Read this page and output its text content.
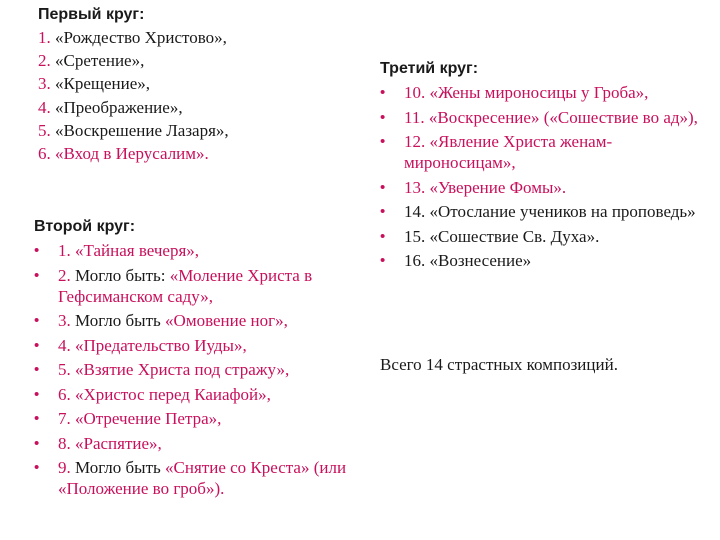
Первый круг:

1. «Рождество Христово»,

2. «Сретение»,

3. «Крещение»,

4. «Преображение»,

5. «Воскрешение Лазаря»,

6. «Вход в Иерусалим».

Второй круг:

• 1. «Тайная вечеря»,
• 2. Могло быть: «Моление Христа в Гефсиманском саду»,
• 3. Могло быть «Омовение ног»,
• 4. «Предательство Иуды»,
• 5. «Взятие Христа под стражу»,
• 6. «Христос перед Каиафой»,
• 7. «Отречение Петра»,
• 8. «Распятие»,
• 9. Могло быть «Снятие со Креста» (или «Положение во гроб»).

Третий круг:

• 10. «Жены мироносицы у Гроба»,
• 11. «Воскресение» («Сошествие во ад»),
• 12. «Явление Христа женам-мироносицам»,
• 13. «Уверение Фомы».
• 14. «Отослание учеников на проповедь»
• 15. «Сошествие Св. Духа».
• 16. «Вознесение»

Всего 14 страстных композиций.
